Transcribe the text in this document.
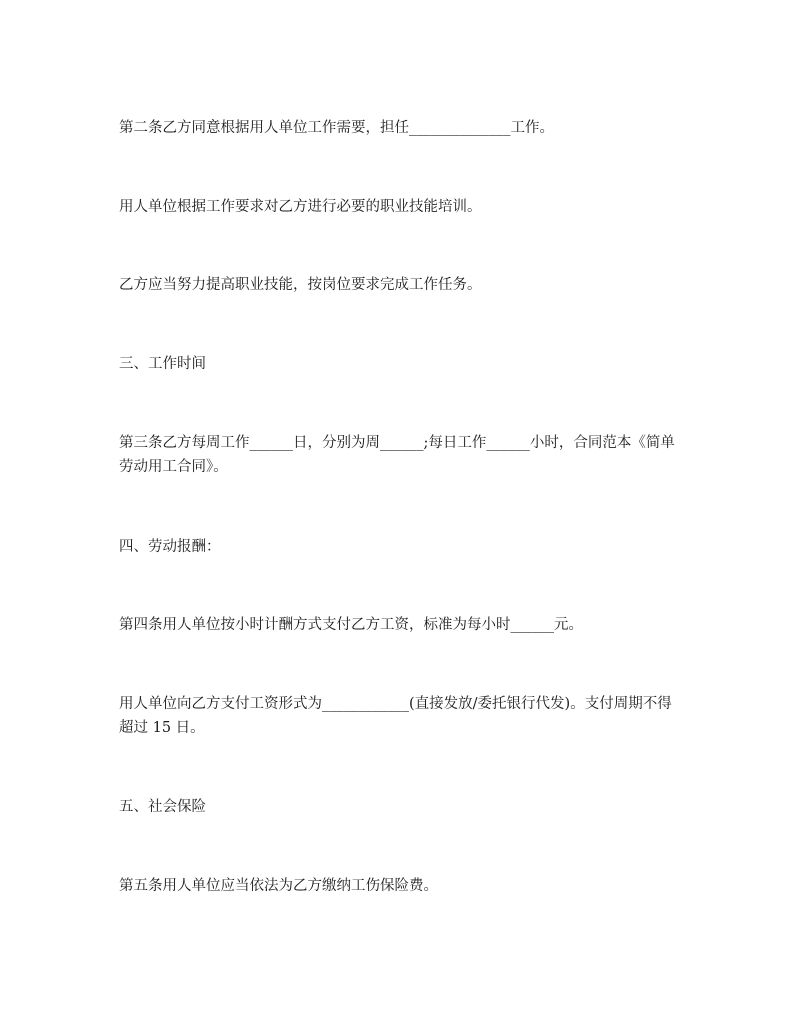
第二条乙方同意根据用人单位工作需要，担任______________工作。

用人单位根据工作要求对乙方进行必要的职业技能培训。

乙方应当努力提高职业技能，按岗位要求完成工作任务。

三、工作时间

第三条乙方每周工作______日，分别为周______;每日工作______小时，合同范本《简单劳动用工合同》。

四、劳动报酬：

第四条用人单位按小时计酬方式支付乙方工资，标准为每小时______元。

用人单位向乙方支付工资形式为____________(直接发放/委托银行代发)。支付周期不得超过 15 日。

五、社会保险

第五条用人单位应当依法为乙方缴纳工伤保险费。
